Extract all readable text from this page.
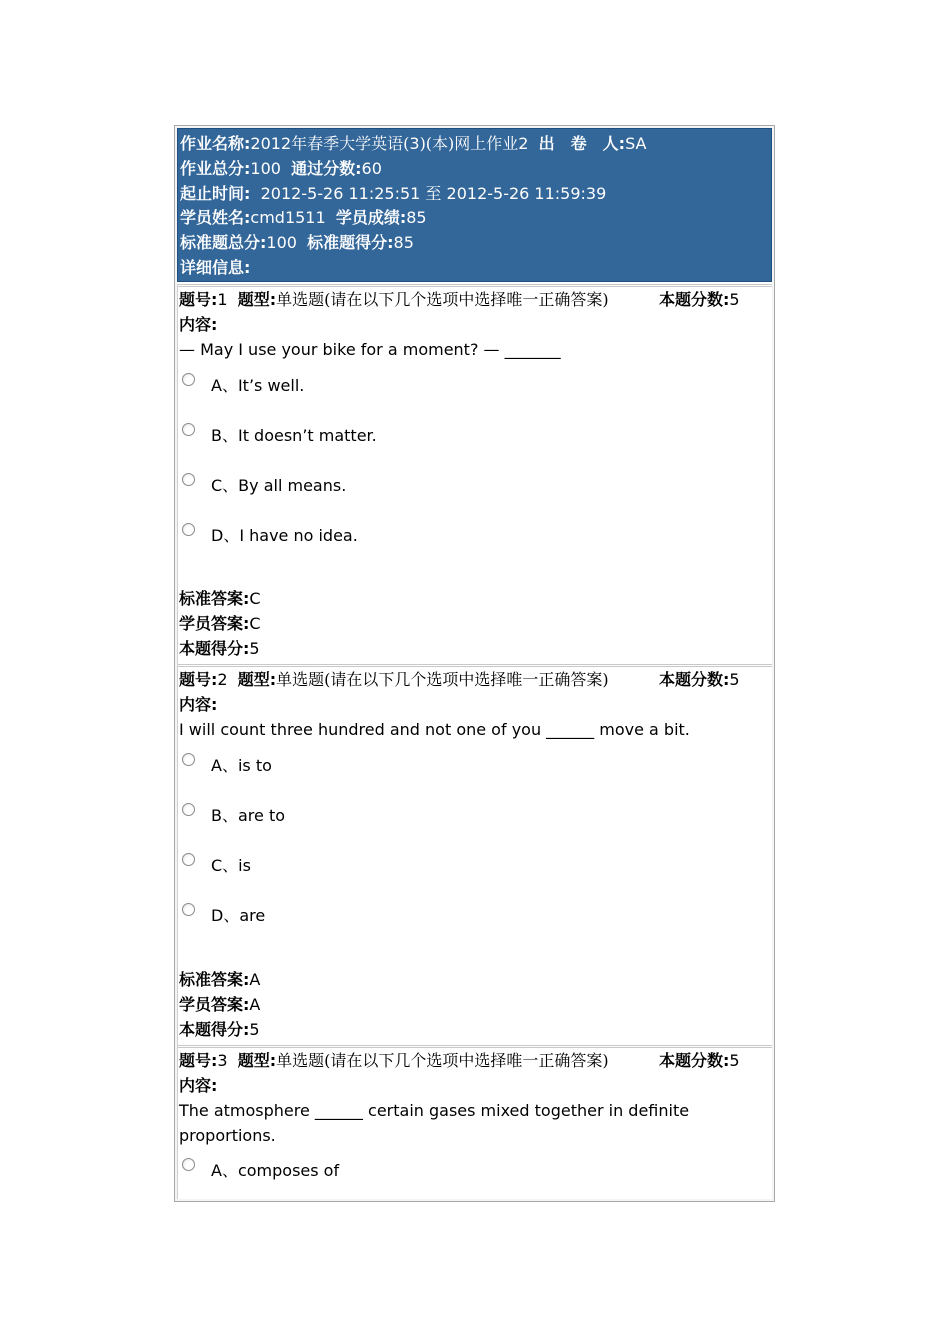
作业名称:2012年春季大学英语(3)(本)网上作业2 出　卷　人:SA
作业总分:100 通过分数:60
起止时间: 2012-5-26 11:25:51 至 2012-5-26 11:59:39
学员姓名:cmd1511 学员成绩:85
标准题总分:100 标准题得分:85
详细信息:
题号:1 题型:单选题(请在以下几个选项中选择唯一正确答案)	本题分数:5
内容:
— May I use your bike for a moment? — _______
A、It’s well.
B、It doesn’t matter.
C、By all means.
D、I have no idea.
标准答案:C
学员答案:C
本题得分:5
题号:2 题型:单选题(请在以下几个选项中选择唯一正确答案)	本题分数:5
内容:
I will count three hundred and not one of you ______ move a bit.
A、is to
B、are to
C、is
D、are
标准答案:A
学员答案:A
本题得分:5
题号:3 题型:单选题(请在以下几个选项中选择唯一正确答案)	本题分数:5
内容:
The atmosphere ______ certain gases mixed together in definite proportions.
A、composes of
